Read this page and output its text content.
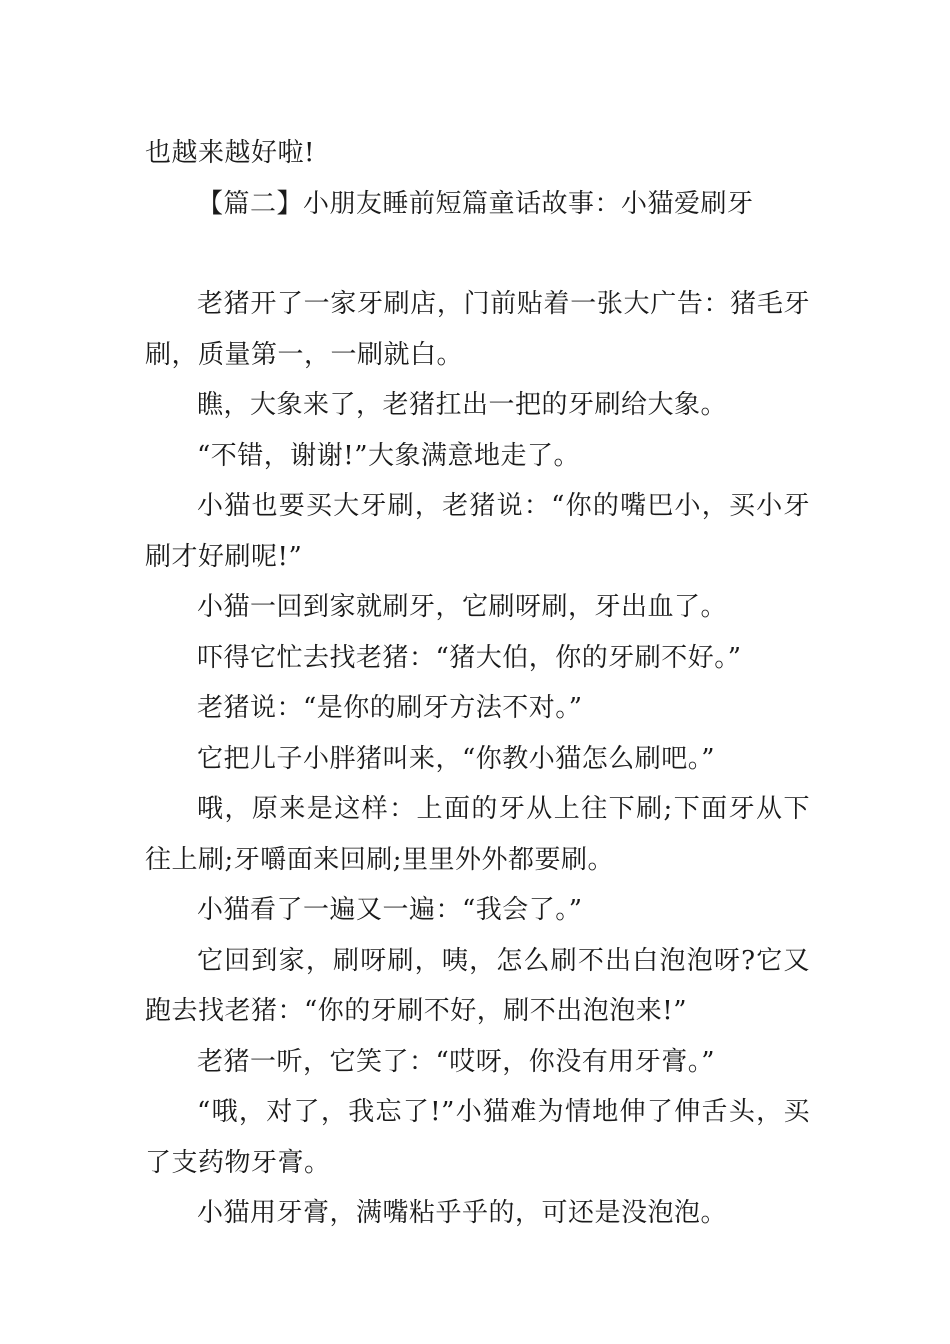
也越来越好啦!

【篇二】小朋友睡前短篇童话故事：小猫爱刷牙

老猪开了一家牙刷店，门前贴着一张大广告：猪毛牙刷，质量第一，一刷就白。

瞧，大象来了，老猪扛出一把的牙刷给大象。

“不错，谢谢!”大象满意地走了。

小猫也要买大牙刷，老猪说：“你的嘴巴小，买小牙刷才好刷呢!”

小猫一回到家就刷牙，它刷呀刷，牙出血了。

吓得它忙去找老猪：“猪大伯，你的牙刷不好。”

老猪说：“是你的刷牙方法不对。”

它把儿子小胖猪叫来，“你教小猫怎么刷吧。”

哦，原来是这样：上面的牙从上往下刷;下面牙从下往上刷;牙嚼面来回刷;里里外外都要刷。

小猫看了一遍又一遍：“我会了。”

它回到家，刷呀刷，咦，怎么刷不出白泡泡呀?它又跑去找老猪：“你的牙刷不好，刷不出泡泡来!”

老猪一听，它笑了：“哎呀，你没有用牙膏。”

“哦，对了，我忘了!”小猫难为情地伸了伸舌头，买了支药物牙膏。

小猫用牙膏，满嘴粘乎乎的，可还是没泡泡。
